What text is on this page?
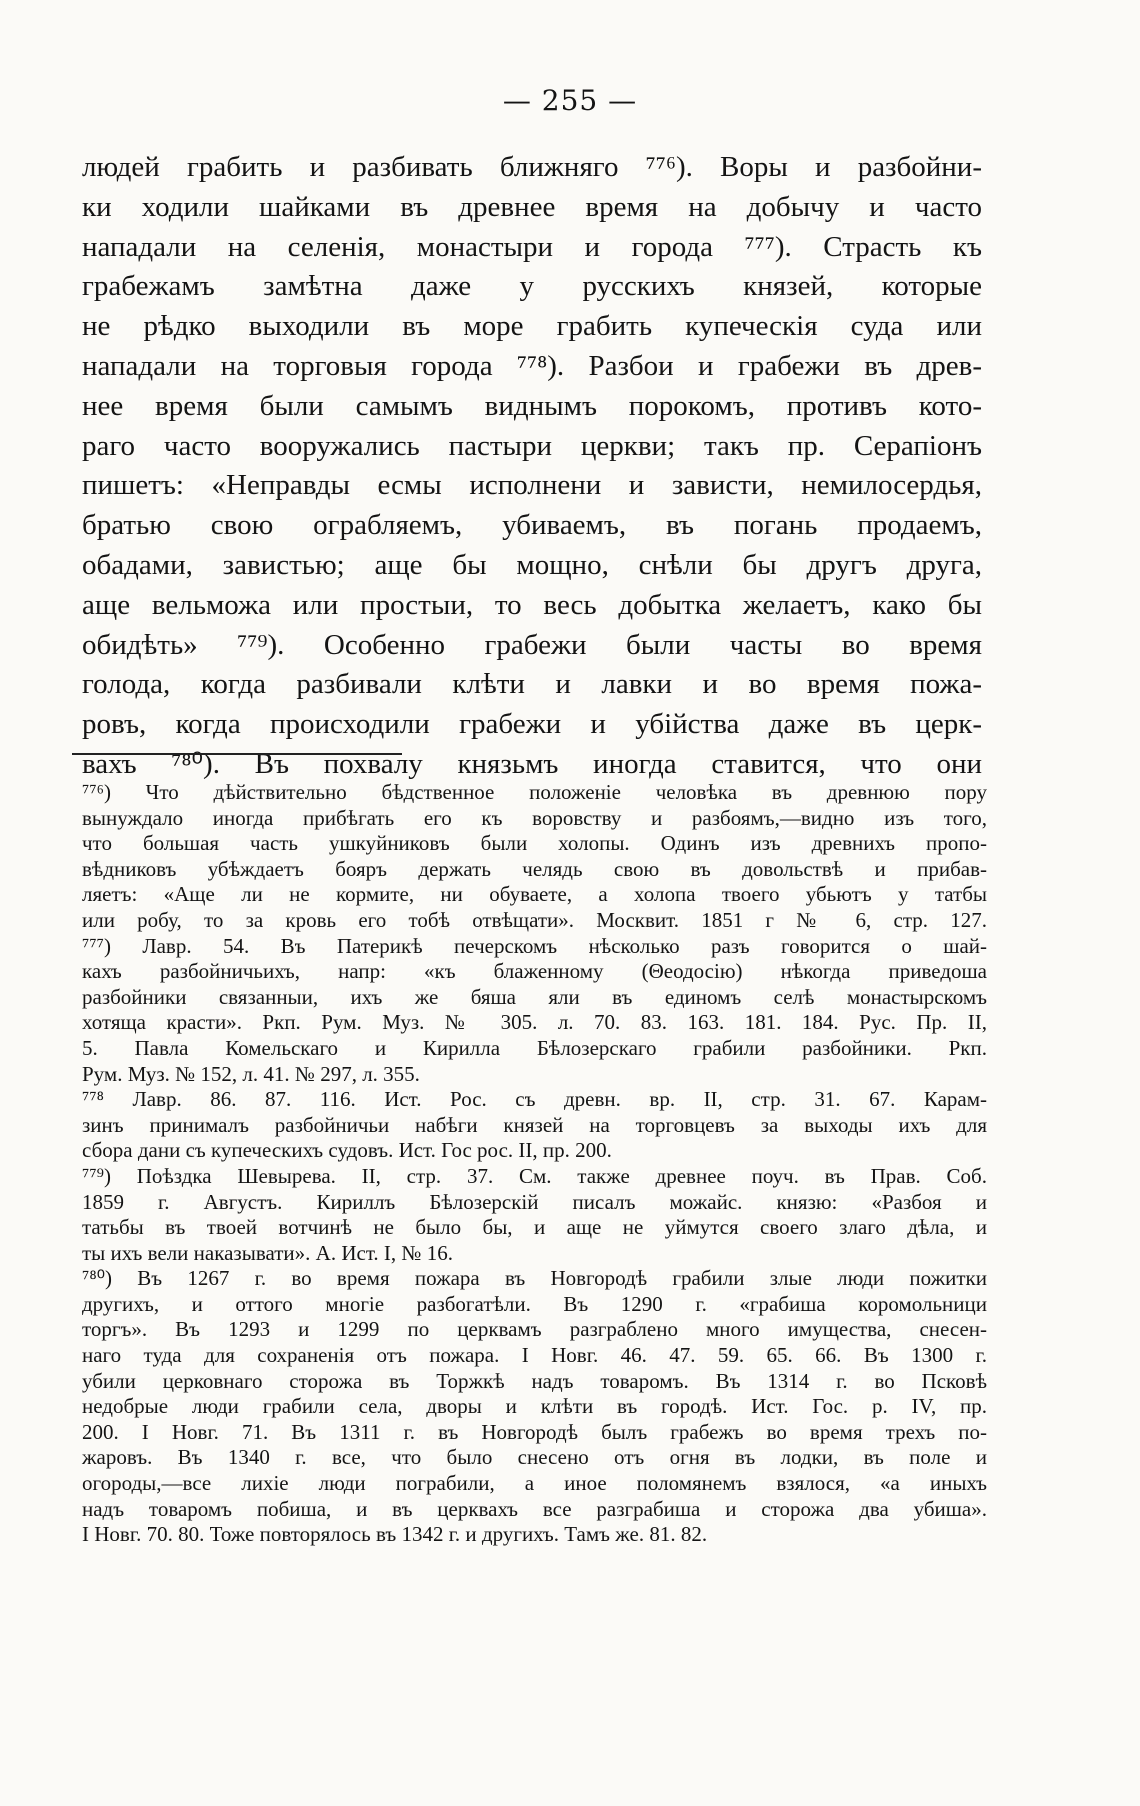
— 255 —
людей грабить и разбивать ближняго ⁷⁷⁶). Воры и разбойни-
ки ходили шайками въ древнее время на добычу и часто
нападали на селенія, монастыри и города ⁷⁷⁷). Страсть къ
грабежамъ замѣтна даже у русскихъ князей, которые
не рѣдко выходили въ море грабить купеческія суда или
нападали на торговыя города ⁷⁷⁸). Разбои и грабежи въ древ-
нее время были самымъ виднымъ порокомъ, противъ кото-
раго часто вооружались пастыри церкви; такъ пр. Серапіонъ
пишетъ: «Неправды есмы исполнени и зависти, немилосердья,
братью свою ограбляемъ, убиваемъ, въ погань продаемъ,
обадами, завистью; аще бы мощно, снѣли бы другъ друга,
аще вельможа или простыи, то весь добытка желаетъ, како бы
обидѣть» ⁷⁷⁹). Особенно грабежи были часты во время
голода, когда разбивали клѣти и лавки и во время пожа-
ровъ, когда происходили грабежи и убійства даже въ церк-
вахъ ⁷⁸⁰). Въ похвалу князьмъ иногда ставится, что они
⁷⁷⁶) Что дѣйствительно бѣдственное положеніе человѣка въ древнюю пору
вынуждало иногда прибѣгать его къ воровству и разбоямъ,—видно изъ того,
что большая часть ушкуйниковъ были холопы. Одинъ изъ древнихъ пропо-
вѣдниковъ убѣждаетъ бояръ держать челядь свою въ довольствѣ и прибав-
ляетъ: «Аще ли не кормите, ни обуваете, а холопа твоего убьютъ у татбы
или робу, то за кровь его тобѣ отвѣщати». Москвит. 1851 г № 6, стр. 127.
⁷⁷⁷) Лавр. 54. Въ Патерикѣ печерскомъ нѣсколько разъ говорится о шай-
кахъ разбойничьихъ, напр: «къ блаженному (Θеодосію) нѣкогда приведоша
разбойники связанныи, ихъ же бяша яли въ единомъ селѣ монастырскомъ
хотяща красти». Ркп. Рум. Муз. № 305. л. 70. 83. 163. 181. 184. Рус. Пр. II,
5. Павла Комельскаго и Кирилла Бѣлозерскаго грабили разбойники. Ркп.
Рум. Муз. № 152, л. 41. № 297, л. 355.
⁷⁷⁸ Лавр. 86. 87. 116. Ист. Рос. съ древн. вр. II, стр. 31. 67. Карам-
зинъ принималъ разбойничьи набѣги князей на торговцевъ за выходы ихъ для
сбора дани съ купеческихъ судовъ. Ист. Гос рос. II, пр. 200.
⁷⁷⁹) Поѣздка Шевырева. II, стр. 37. См. также древнее поуч. въ Прав. Соб.
1859 г. Августъ. Кириллъ Бѣлозерскій писалъ можайс. князю: «Разбоя и
татьбы въ твоей вотчинѣ не было бы, и аще не уймутся своего злаго дѣла, и
ты ихъ вели наказывати». А. Ист. I, № 16.
⁷⁸⁰) Въ 1267 г. во время пожара въ Новгородѣ грабили злые люди пожитки
другихъ, и оттого многіе разбогатѣли. Въ 1290 г. «грабиша коромольници
торгъ». Въ 1293 и 1299 по церквамъ разграблено много имущества, снесен-
наго туда для сохраненія отъ пожара. I Новг. 46. 47. 59. 65. 66. Въ 1300 г.
убили церковнаго сторожа въ Торжкѣ надъ товаромъ. Въ 1314 г. во Псковѣ
недобрые люди грабили села, дворы и клѣти въ городѣ. Ист. Гос. р. IV, пр.
200. I Новг. 71. Въ 1311 г. въ Новгородѣ былъ грабежъ во время трехъ по-
жаровъ. Въ 1340 г. все, что было снесено отъ огня въ лодки, въ поле и
огороды,—все лихіе люди пограбили, а иное поломянемъ взялося, «а иныхъ
надъ товаромъ побиша, и въ церквахъ все разграбиша и сторожа два убиша».
I Новг. 70. 80. Тоже повторялось въ 1342 г. и другихъ. Тамъ же. 81. 82.
